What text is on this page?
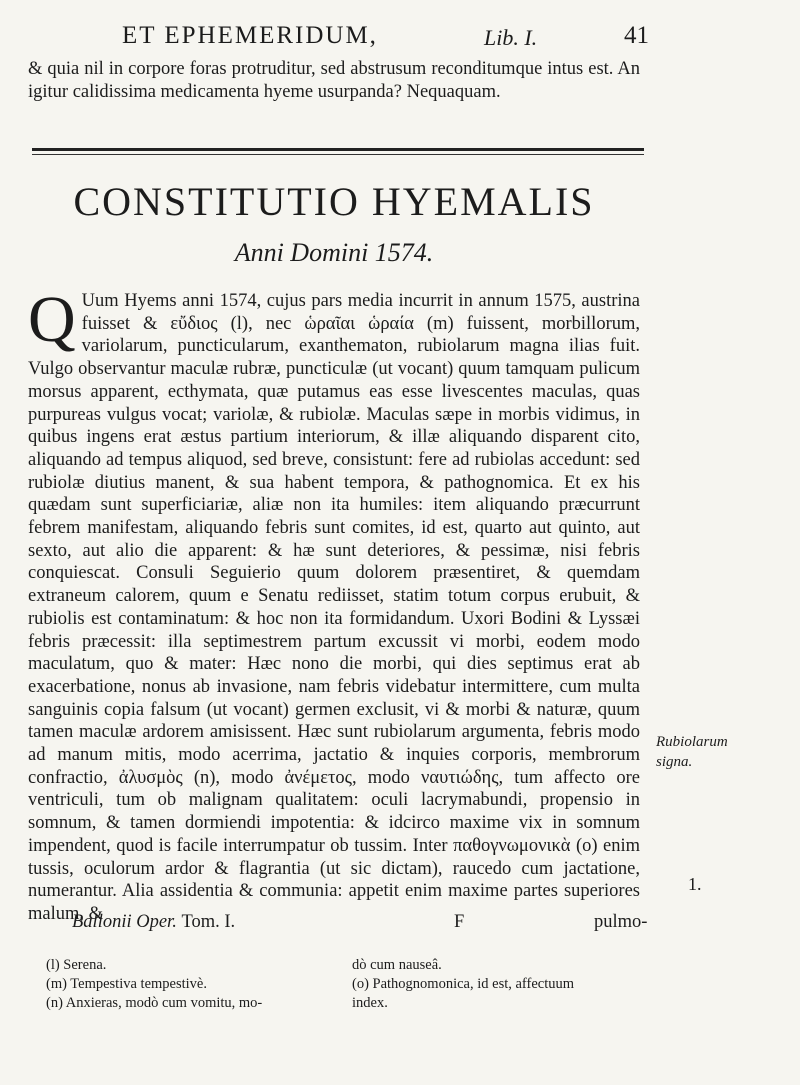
ET EPHEMERIDUM,	Lib. I.	41
& quia nil in corpore foras protruditur, sed abstrusum reconditumque intus est. An igitur calidissima medicamenta hyeme usurpanda? Nequaquam.
CONSTITUTIO HYEMALIS
Anni Domini 1574.
Q Uum Hyems anni 1574, cujus pars media incurrit in annum 1575, austrina fuisset & εὔδιος (l), nec ὡραῖαι ὡραία (m) fuissent, morbillorum, variolarum, puncticularum, exanthematon, rubiolarum magna ilias fuit. Vulgo observantur maculæ rubræ, puncticulæ (ut vocant) quum tamquam pulicum morsus apparent, ecthymata, quæ putamus eas esse livescentes maculas, quas purpureas vulgus vocat; variolæ, & rubiolæ. Maculas sæpe in morbis vidimus, in quibus ingens erat æstus partium interiorum, & illæ aliquando disparent cito, aliquando ad tempus aliquod, sed breve, consistunt: fere ad rubiolas accedunt: sed rubiolæ diutius manent, & sua habent tempora, & pathognomica. Et ex his quædam sunt superficiariæ, aliæ non ita humiles: item aliquando præcurrunt febrem manifestam, aliquando febris sunt comites, id est, quarto aut quinto, aut sexto, aut alio die apparent: & hæ sunt deteriores, & pessimæ, nisi febris conquiescat. Consuli Seguierio quum dolorem præsentiret, & quemdam extraneum calorem, quum e Senatu rediisset, statim totum corpus erubuit, & rubiolis est contaminatum: & hoc non ita formidandum. Uxori Bodini & Lyssæi febris præcessit: illa septimestrem partum excussit vi morbi, eodem modo maculatum, quo & mater: Hæc nono die morbi, qui dies septimus erat ab exacerbatione, nonus ab invasione, nam febris videbatur intermittere, cum multa sanguinis copia falsum (ut vocant) germen exclusit, vi & morbi & naturæ, quum tamen maculæ ardorem amisissent. Hæc sunt rubiolarum argumenta, febris modo ad manum mitis, modo acerrima, jactatio & inquies corporis, membrorum confractio, ἀλυσμὸς (n), modo ἀνέμετος, modo ναυτιώδης, tum affecto ore ventriculi, tum ob malignam qualitatem: oculi lacrymabundi, propensio in somnum, & tamen dormiendi impotentia: & idcirco maxime vix in somnum impendent, quod is facile interrumpatur ob tussim. Inter παθογνωμονικὰ (o) enim tussis, oculorum ardor & flagrantia (ut sic dictam), raucedo cum jactatione, numerantur. Alia assidentia & communia: appetit enim maxime partes superiores malum, &
Rubiolarum
signa.
1.
Ballonii Oper. Tom. I.	F	pulmo-
(l) Serena.
(m) Tempestiva tempestivè.
(n) Anxieras, modò cum vomitu, mo-
dò cum nauseâ.
(o) Pathognomonica, id est, affectuum
index.
